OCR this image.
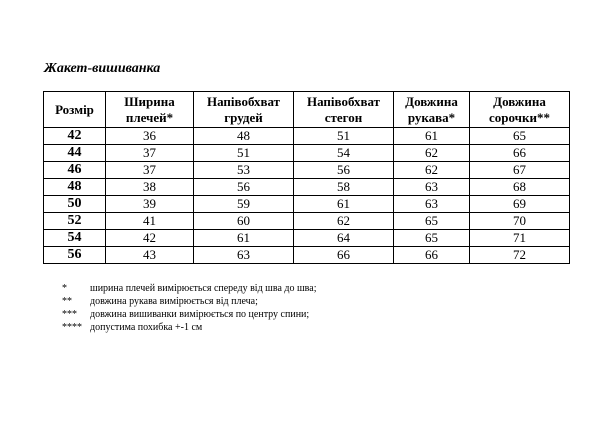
Жакет-вишиванка
Розмір	Ширина плечей*	Напівобхват грудей	Напівобхват стегон	Довжина рукава*	Довжина сорочки**
42	36	48	51	61	65
44	37	51	54	62	66
46	37	53	56	62	67
48	38	56	58	63	68
50	39	59	61	63	69
52	41	60	62	65	70
54	42	61	64	65	71
56	43	63	66	66	72
*	ширина плечей вимірюється спереду від шва до шва;
**	довжина рукава вимірюється від плеча;
***	довжина вишиванки вимірюється по центру спини;
**** допустима похибка +-1 см
